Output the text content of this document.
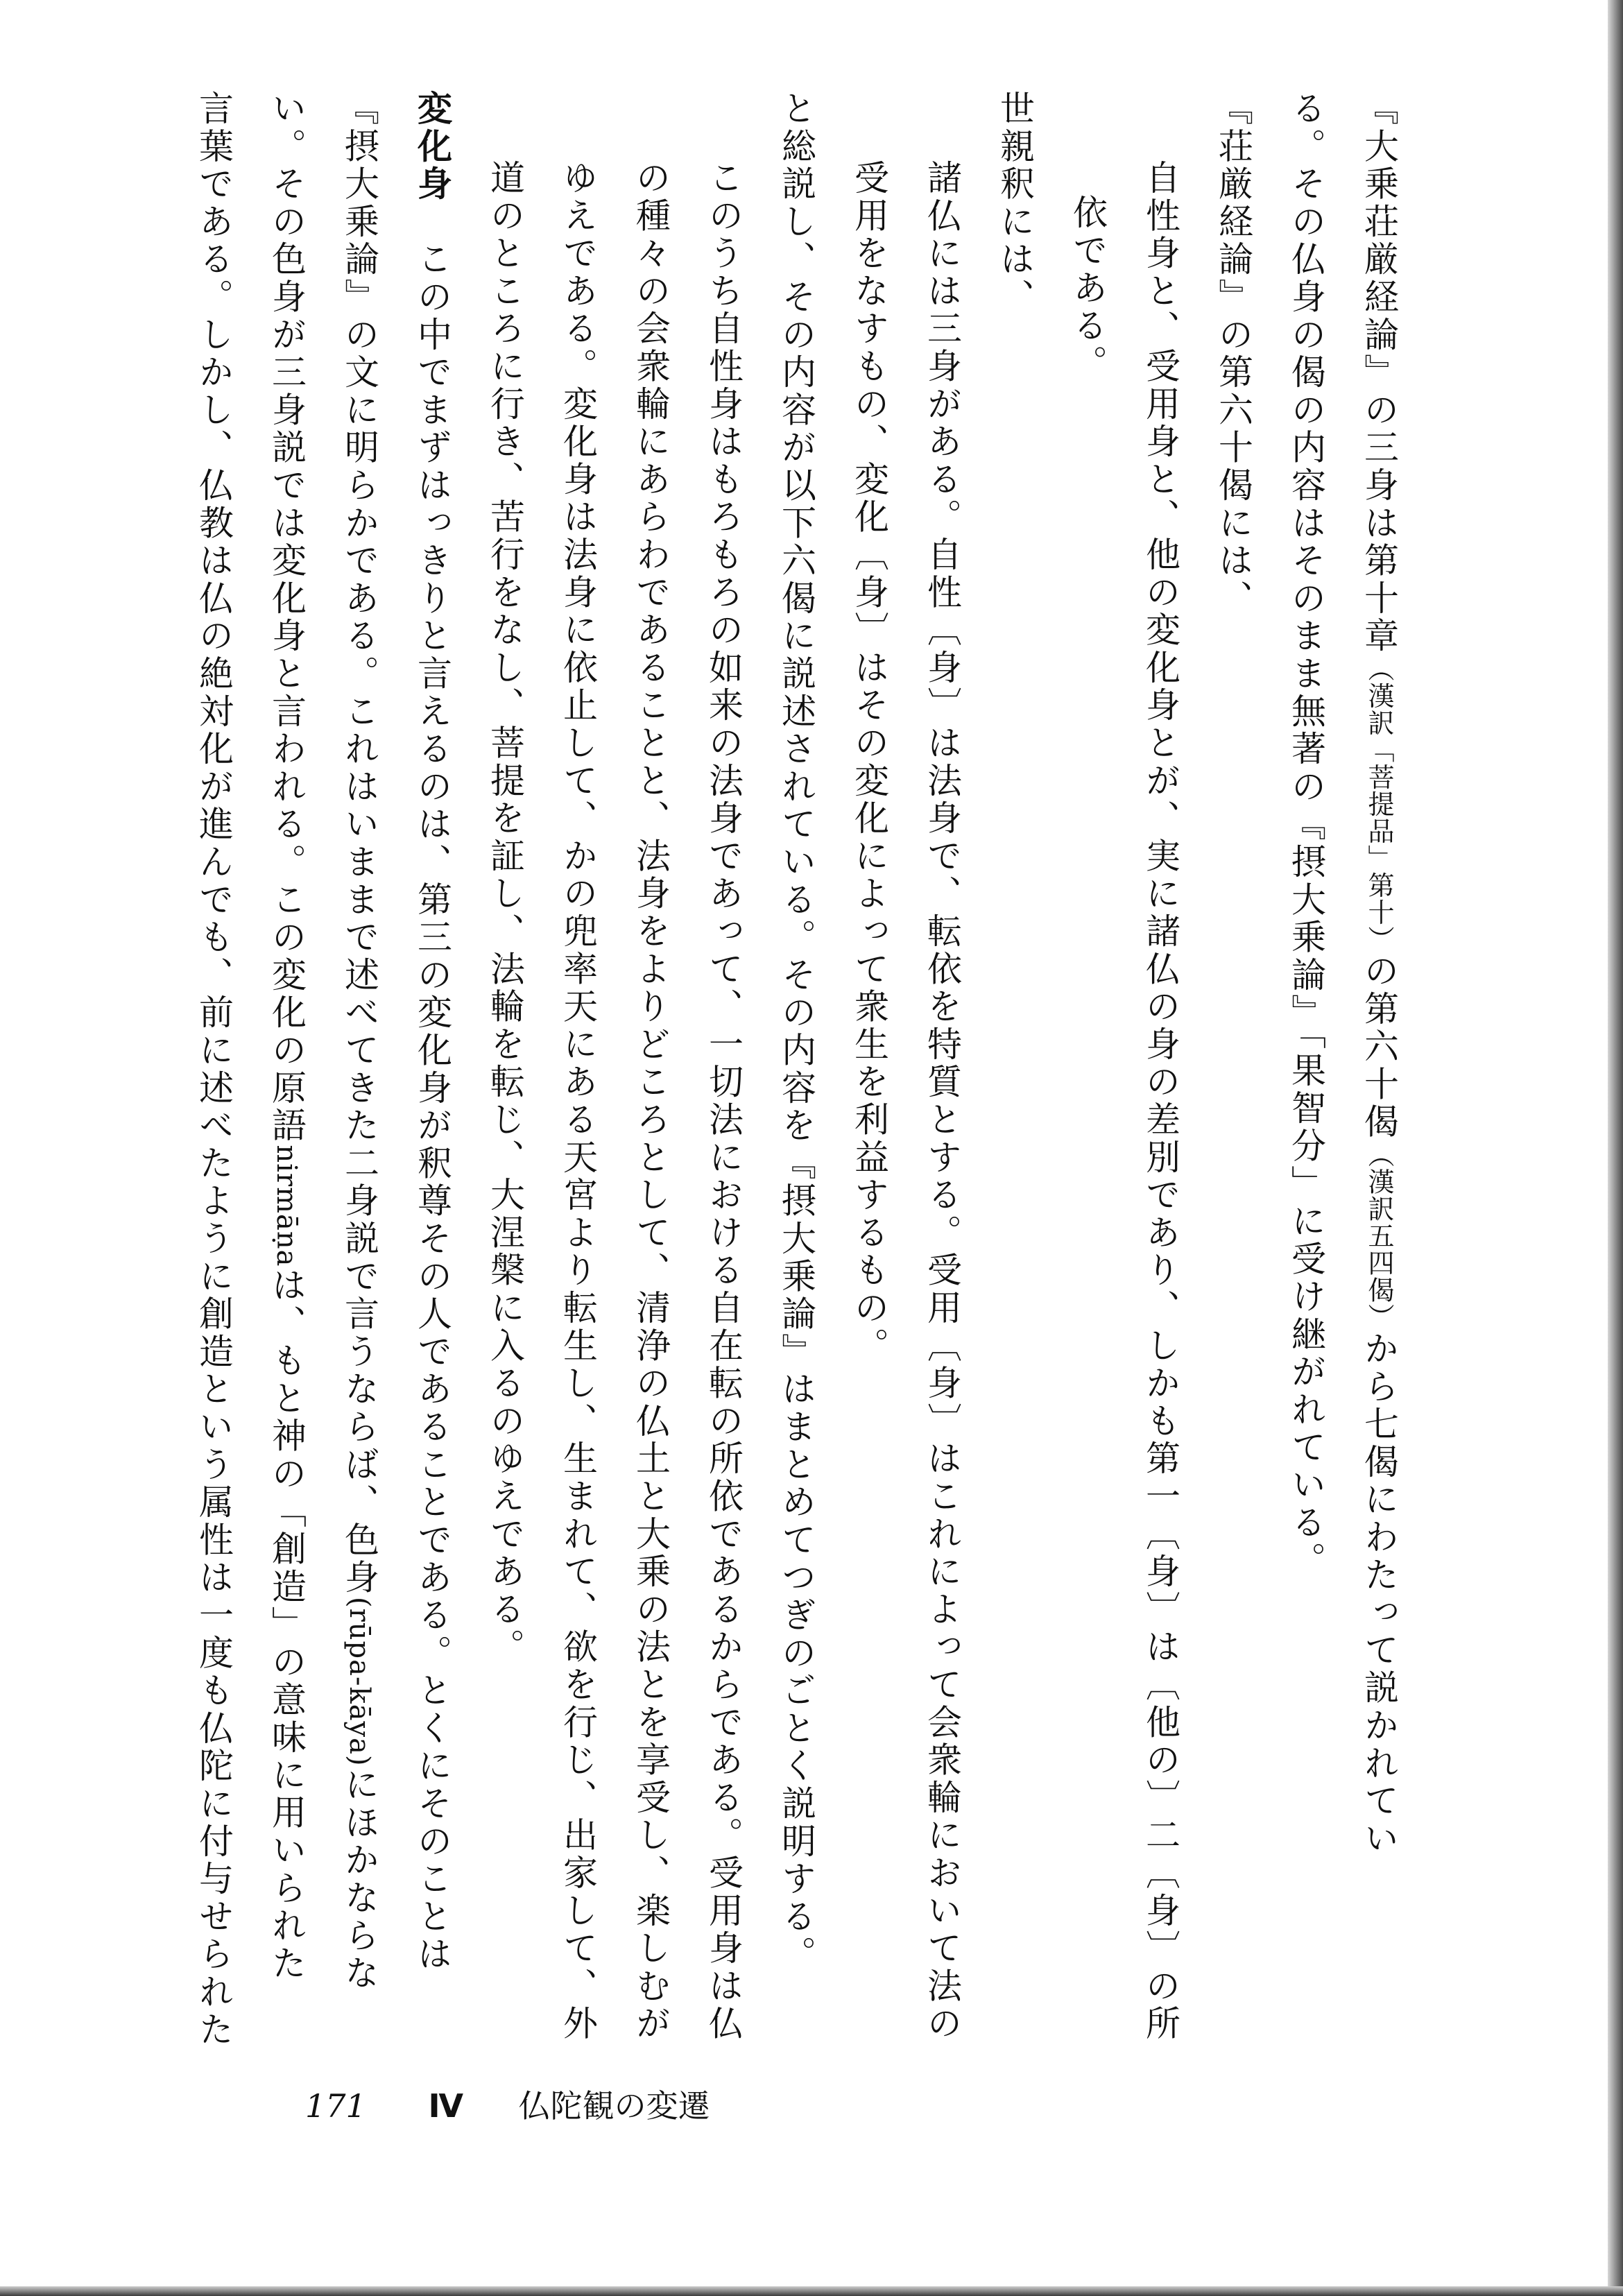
『大乗荘厳経論』の三身は第十章（漢訳「菩提品」第十）の第六十偈（漢訳五四偈）から七偈にわたって説かれてい

る。その仏身の偈の内容はそのまま無著の『摂大乗論』「果智分」に受け継がれている。

『荘厳経論』の第六十偈には、

自性身と、受用身と、他の変化身とが、実に諸仏の身の差別であり、しかも第一〔身〕は〔他の〕二〔身〕の所

依である。

世親釈には、

諸仏には三身がある。自性〔身〕は法身で、転依を特質とする。受用〔身〕はこれによって会衆輪において法の

受用をなすもの、変化〔身〕はその変化によって衆生を利益するもの。

と総説し、その内容が以下六偈に説述されている。その内容を『摂大乗論』はまとめてつぎのごとく説明する。

このうち自性身はもろもろの如来の法身であって、一切法における自在転の所依であるからである。受用身は仏

の種々の会衆輪にあらわであることと、法身をよりどころとして、清浄の仏土と大乗の法とを享受し、楽しむが

ゆえである。変化身は法身に依止して、かの兜率天にある天宮より転生し、生まれて、欲を行じ、出家して、外

道のところに行き、苦行をなし、菩提を証し、法輪を転じ、大涅槃に入るのゆえである。

変化身　この中でまずはっきりと言えるのは、第三の変化身が釈尊その人であることである。とくにそのことは

『摂大乗論』の文に明らかである。これはいままで述べてきた二身説で言うならば、色身(rūpa-kāya)にほかならな

い。その色身が三身説では変化身と言われる。この変化の原語nirmāṇaは、もと神の「創造」の意味に用いられた

言葉である。しかし、仏教は仏の絶対化が進んでも、前に述べたように創造という属性は一度も仏陀に付与せられた

171 Ⅳ 仏陀観の変遷
